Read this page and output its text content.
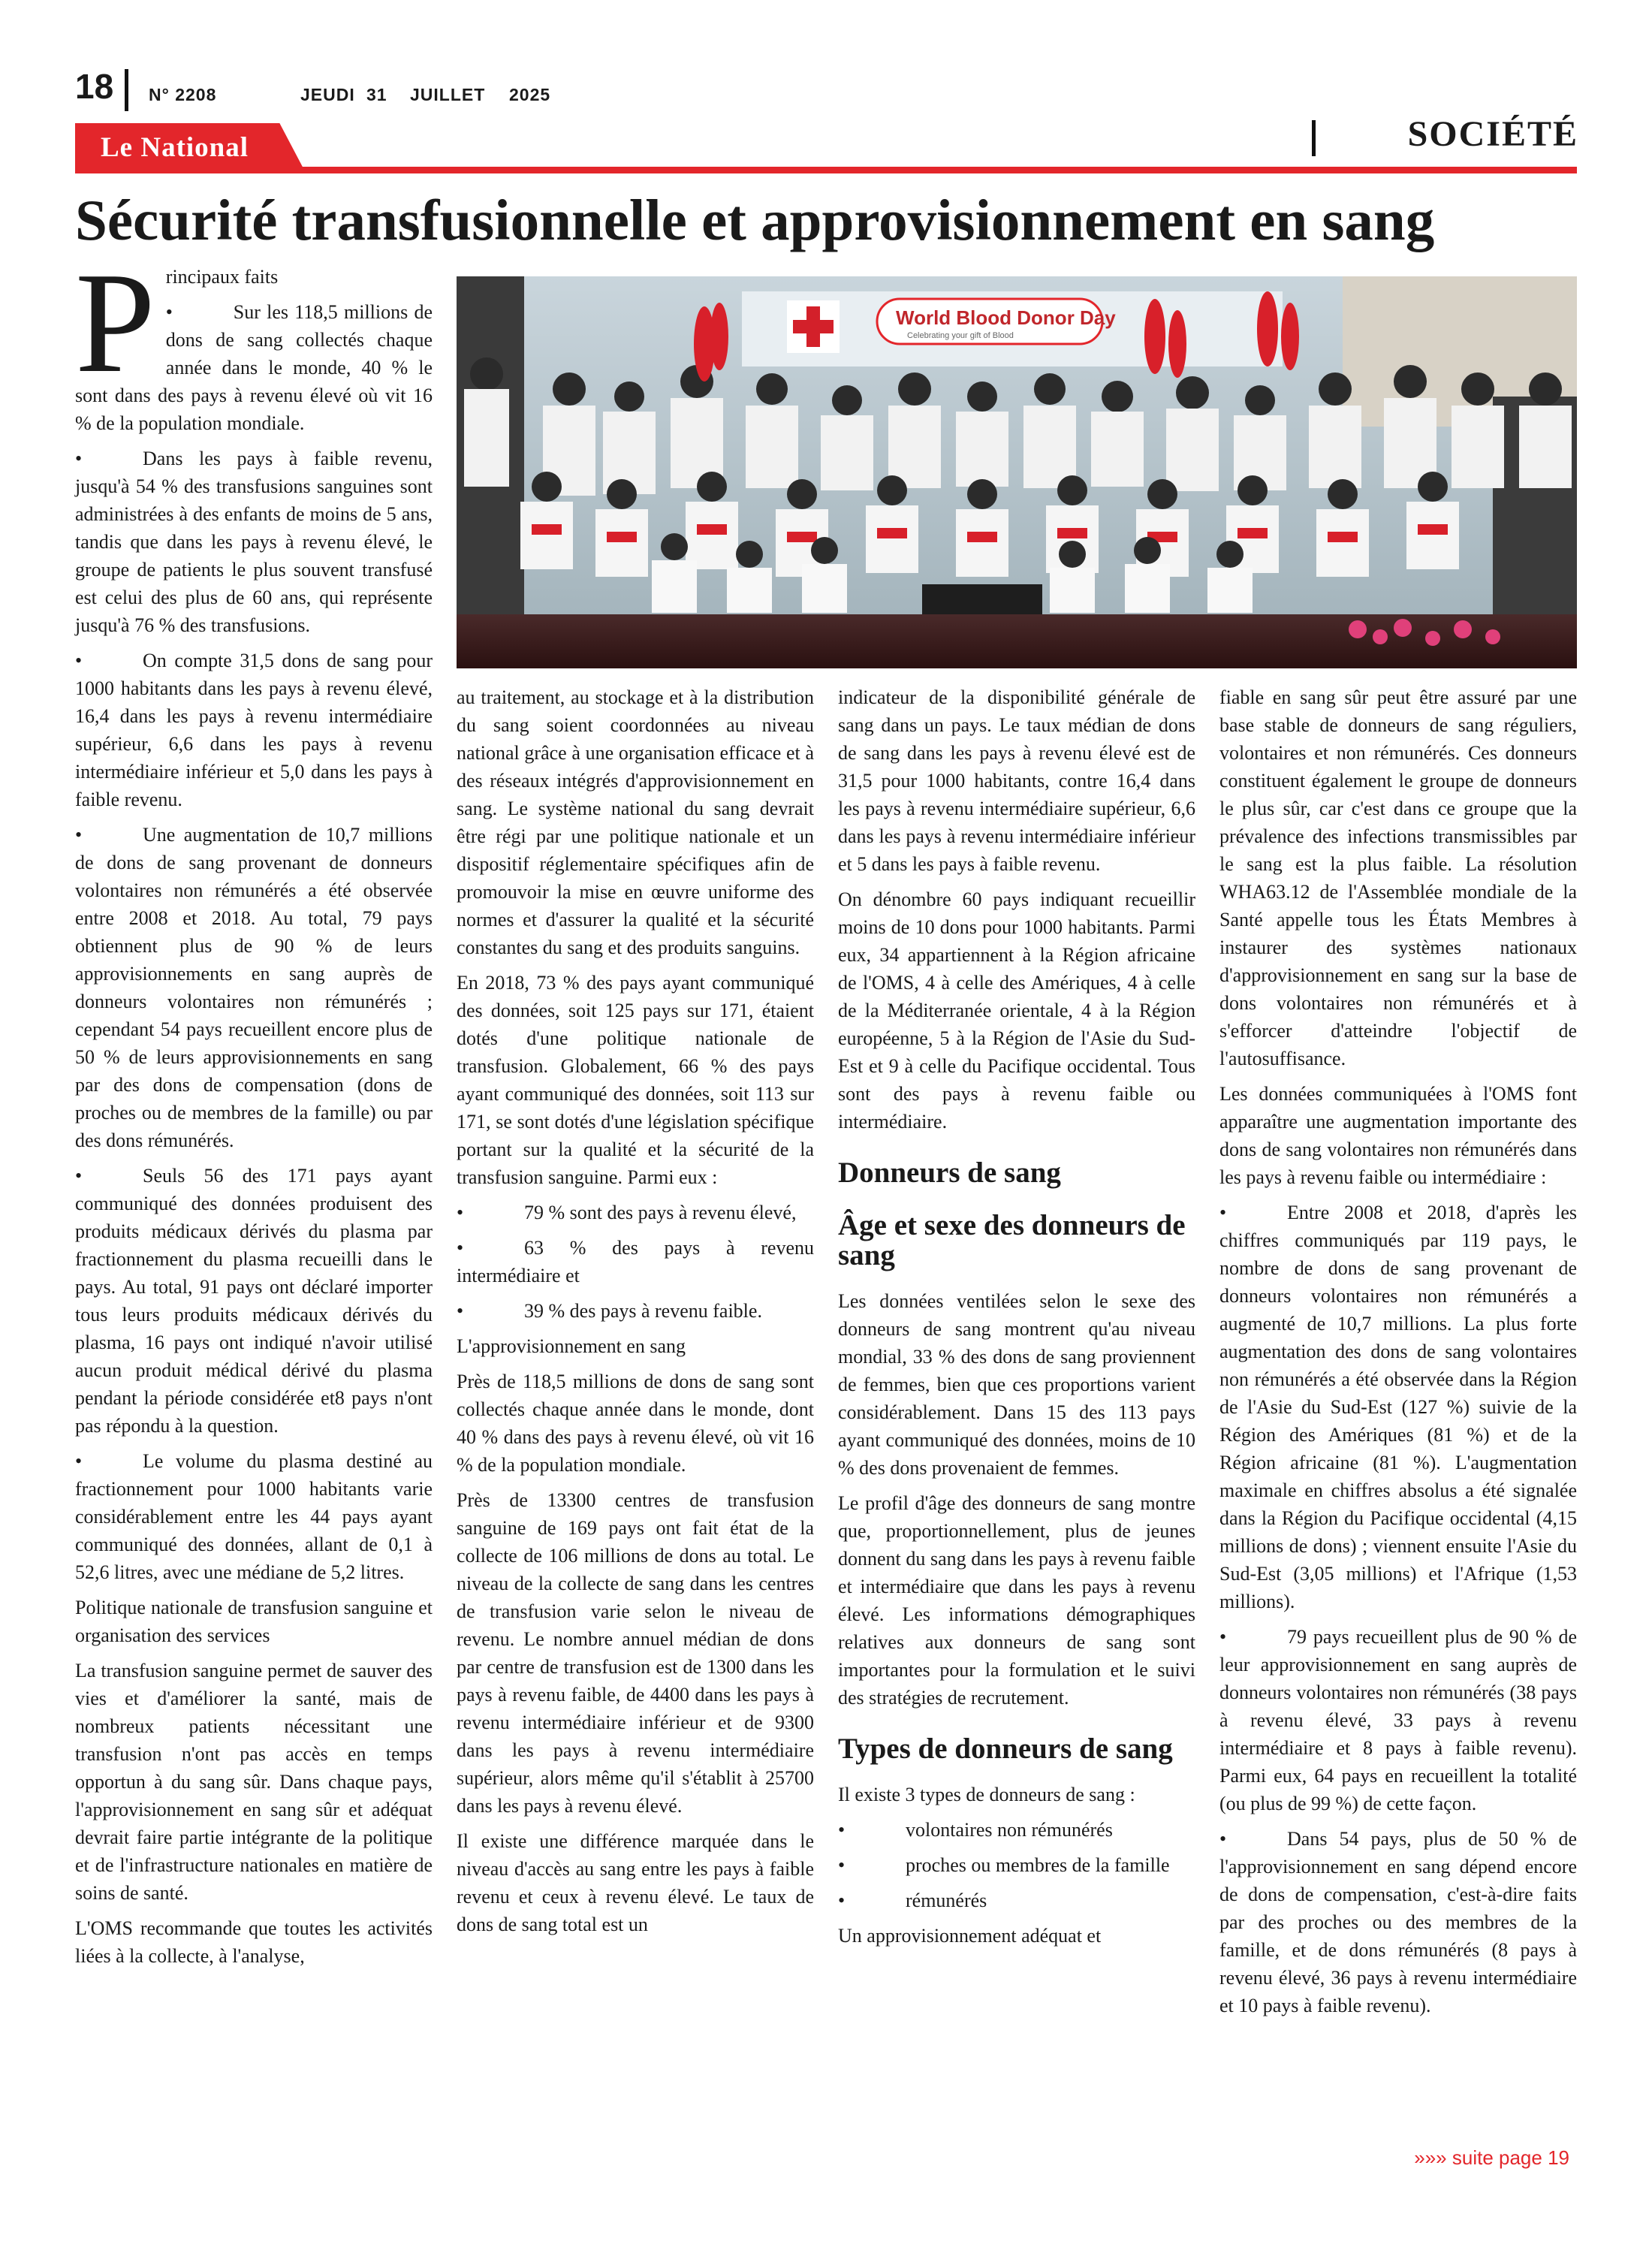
18 N° 2208	JEUDI 31 JUILLET 2025
Le National	SOCIÉTÉ
Sécurité transfusionnelle et approvisionnement en sang
World Blood Donor Day
Celebrating your gift of Blood
P rincipaux faits

•	Sur les 118,5 millions de dons de sang collectés chaque année dans le monde, 40 % le sont dans des pays à revenu élevé où vit 16 % de la population mondiale.

•	Dans les pays à faible revenu, jusqu'à 54 % des transfusions sanguines sont administrées à des enfants de moins de 5 ans, tandis que dans les pays à revenu élevé, le groupe de patients le plus souvent transfusé est celui des plus de 60 ans, qui représente jusqu'à 76 % des transfusions.

•	On compte 31,5 dons de sang pour 1000 habitants dans les pays à revenu élevé, 16,4 dans les pays à revenu intermédiaire supérieur, 6,6 dans les pays à revenu intermédiaire inférieur et 5,0 dans les pays à faible revenu.

•	Une augmentation de 10,7 millions de dons de sang provenant de donneurs volontaires non rémunérés a été observée entre 2008 et 2018. Au total, 79 pays obtiennent plus de 90 % de leurs approvisionnements en sang auprès de donneurs volontaires non rémunérés ; cependant 54 pays recueillent encore plus de 50 % de leurs approvisionnements en sang par des dons de compensation (dons de proches ou de membres de la famille) ou par des dons rémunérés.

•	Seuls 56 des 171 pays ayant communiqué des données produisent des produits médicaux dérivés du plasma par fractionnement du plasma recueilli dans le pays. Au total, 91 pays ont déclaré importer tous leurs produits médicaux dérivés du plasma, 16 pays ont indiqué n'avoir utilisé aucun produit médical dérivé du plasma pendant la période considérée et8 pays n'ont pas répondu à la question.

•	Le volume du plasma destiné au fractionnement pour 1000 habitants varie considérablement entre les 44 pays ayant communiqué des données, allant de 0,1 à 52,6 litres, avec une médiane de 5,2 litres.

Politique nationale de transfusion sanguine et organisation des services

La transfusion sanguine permet de sauver des vies et d'améliorer la santé, mais de nombreux patients nécessitant une transfusion n'ont pas accès en temps opportun à du sang sûr. Dans chaque pays, l'approvisionnement en sang sûr et adéquat devrait faire partie intégrante de la politique et de l'infrastructure nationales en matière de soins de santé.

L'OMS recommande que toutes les activités liées à la collecte, à l'analyse,

au traitement, au stockage et à la distribution du sang soient coordonnées au niveau national grâce à une organisation efficace et à des réseaux intégrés d'approvisionnement en sang. Le système national du sang devrait être régi par une politique nationale et un dispositif réglementaire spécifiques afin de promouvoir la mise en œuvre uniforme des normes et d'assurer la qualité et la sécurité constantes du sang et des produits sanguins.

En 2018, 73 % des pays ayant communiqué des données, soit 125 pays sur 171, étaient dotés d'une politique nationale de transfusion. Globalement, 66 % des pays ayant communiqué des données, soit 113 sur 171, se sont dotés d'une législation spécifique portant sur la qualité et la sécurité de la transfusion sanguine. Parmi eux :

•	79 % sont des pays à revenu élevé,

•	63 % des pays à revenu intermédiaire et

•	39 % des pays à revenu faible.

L'approvisionnement en sang

Près de 118,5 millions de dons de sang sont collectés chaque année dans le monde, dont 40 % dans des pays à revenu élevé, où vit 16 % de la population mondiale.

Près de 13300 centres de transfusion sanguine de 169 pays ont fait état de la collecte de 106 millions de dons au total. Le niveau de la collecte de sang dans les centres de transfusion varie selon le niveau de revenu. Le nombre annuel médian de dons par centre de transfusion est de 1300 dans les pays à revenu faible, de 4400 dans les pays à revenu intermédiaire inférieur et de 9300 dans les pays à revenu intermédiaire supérieur, alors même qu'il s'établit à 25700 dans les pays à revenu élevé.

Il existe une différence marquée dans le niveau d'accès au sang entre les pays à faible revenu et ceux à revenu élevé. Le taux de dons de sang total est un

indicateur de la disponibilité générale de sang dans un pays. Le taux médian de dons de sang dans les pays à revenu élevé est de 31,5 pour 1000 habitants, contre 16,4 dans les pays à revenu intermédiaire supérieur, 6,6 dans les pays à revenu intermédiaire inférieur et 5 dans les pays à faible revenu.

On dénombre 60 pays indiquant recueillir moins de 10 dons pour 1000 habitants. Parmi eux, 34 appartiennent à la Région africaine de l'OMS, 4 à celle des Amériques, 4 à celle de la Méditerranée orientale, 4 à la Région européenne, 5 à la Région de l'Asie du Sud-Est et 9 à celle du Pacifique occidental. Tous sont des pays à revenu faible ou intermédiaire.

Donneurs de sang
Âge et sexe des donneurs de sang

Les données ventilées selon le sexe des donneurs de sang montrent qu'au niveau mondial, 33 % des dons de sang proviennent de femmes, bien que ces proportions varient considérablement. Dans 15 des 113 pays ayant communiqué des données, moins de 10 % des dons provenaient de femmes.

Le profil d'âge des donneurs de sang montre que, proportionnellement, plus de jeunes donnent du sang dans les pays à revenu faible et intermédiaire que dans les pays à revenu élevé. Les informations démographiques relatives aux donneurs de sang sont importantes pour la formulation et le suivi des stratégies de recrutement.

Types de donneurs de sang

Il existe 3 types de donneurs de sang :

•	volontaires non rémunérés

•	proches ou membres de la famille

•	rémunérés

Un approvisionnement adéquat et

fiable en sang sûr peut être assuré par une base stable de donneurs de sang réguliers, volontaires et non rémunérés. Ces donneurs constituent également le groupe de donneurs le plus sûr, car c'est dans ce groupe que la prévalence des infections transmissibles par le sang est la plus faible. La résolution WHA63.12 de l'Assemblée mondiale de la Santé appelle tous les États Membres à instaurer des systèmes nationaux d'approvisionnement en sang sur la base de dons volontaires non rémunérés et à s'efforcer d'atteindre l'objectif de l'autosuffisance.

Les données communiquées à l'OMS font apparaître une augmentation importante des dons de sang volontaires non rémunérés dans les pays à revenu faible ou intermédiaire :

•	Entre 2008 et 2018, d'après les chiffres communiqués par 119 pays, le nombre de dons de sang provenant de donneurs volontaires non rémunérés a augmenté de 10,7 millions. La plus forte augmentation des dons de sang volontaires non rémunérés a été observée dans la Région de l'Asie du Sud-Est (127 %) suivie de la Région des Amériques (81 %) et de la Région africaine (81 %). L'augmentation maximale en chiffres absolus a été signalée dans la Région du Pacifique occidental (4,15 millions de dons) ; viennent ensuite l'Asie du Sud-Est (3,05 millions) et l'Afrique (1,53 millions).

•	79 pays recueillent plus de 90 % de leur approvisionnement en sang auprès de donneurs volontaires non rémunérés (38 pays à revenu élevé, 33 pays à revenu intermédiaire et 8 pays à faible revenu). Parmi eux, 64 pays en recueillent la totalité (ou plus de 99 %) de cette façon.

•	Dans 54 pays, plus de 50 % de l'approvisionnement en sang dépend encore de dons de compensation, c'est-à-dire faits par des proches ou des membres de la famille, et de dons rémunérés (8 pays à revenu élevé, 36 pays à revenu intermédiaire et 10 pays à faible revenu).

»»» suite page 19
